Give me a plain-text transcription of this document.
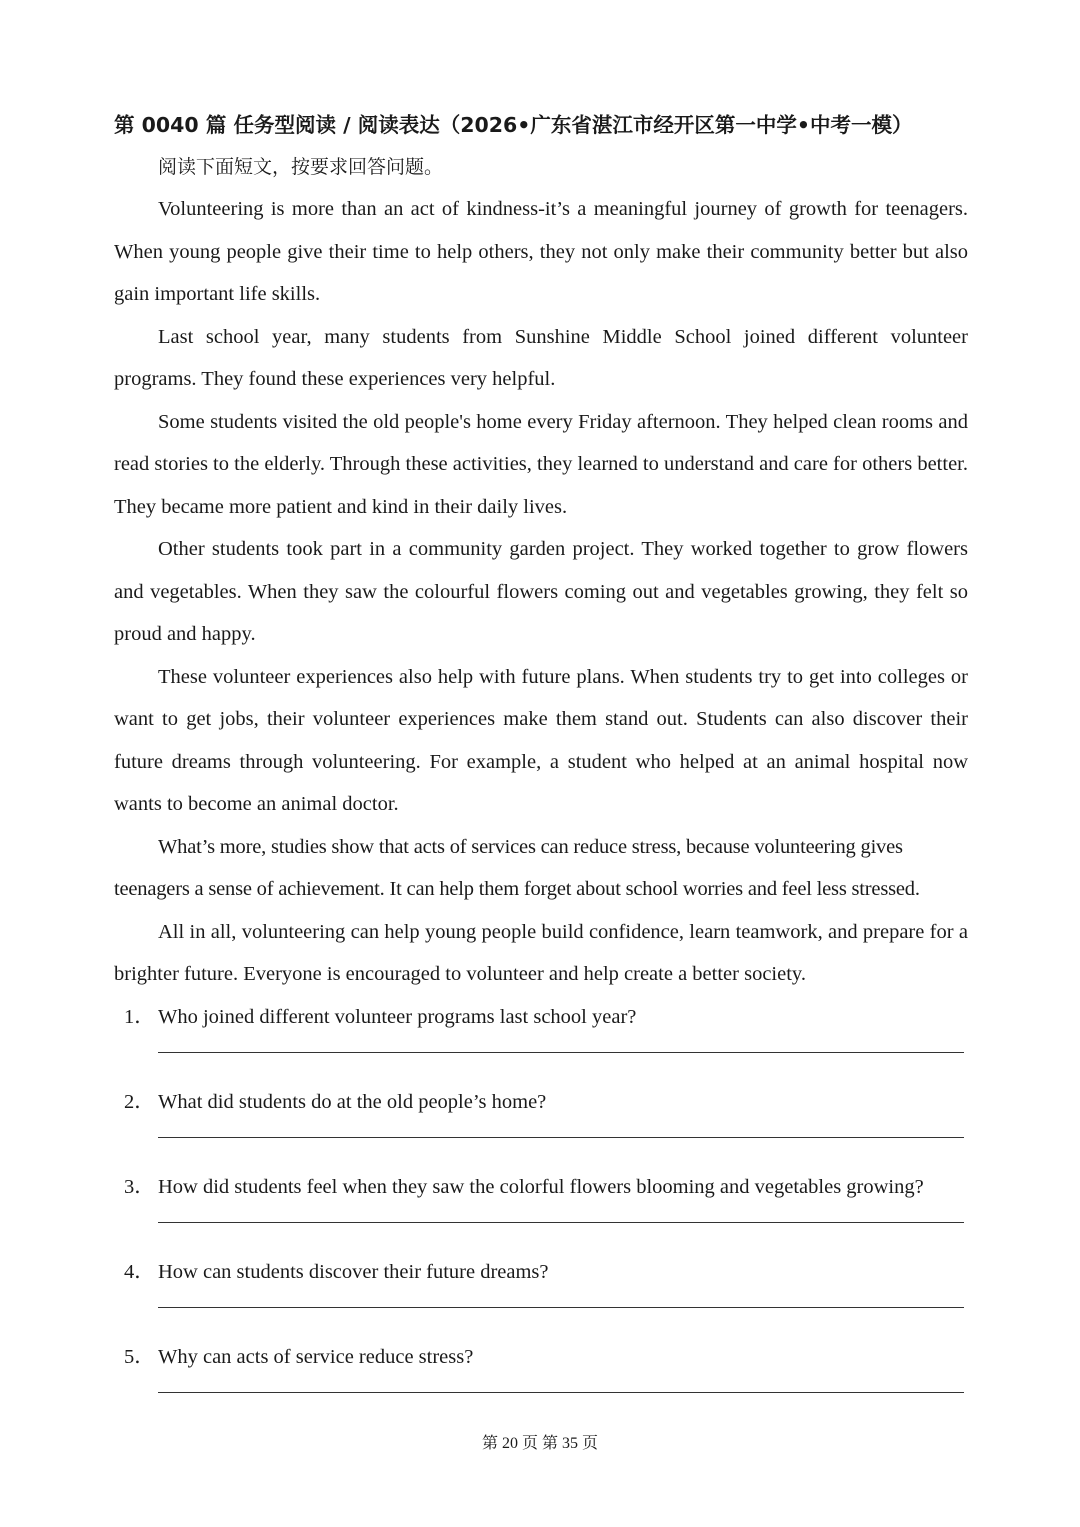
第 0040 篇 任务型阅读 / 阅读表达（2026•广东省湛江市经开区第一中学•中考一模）
阅读下面短文，按要求回答问题。

Volunteering is more than an act of kindness-it’s a meaningful journey of growth for teenagers. When young people give their time to help others, they not only make their community better but also gain important life skills.

Last school year, many students from Sunshine Middle School joined different volunteer programs. They found these experiences very helpful.

Some students visited the old people's home every Friday afternoon. They helped clean rooms and read stories to the elderly. Through these activities, they learned to understand and care for others better. They became more patient and kind in their daily lives.

Other students took part in a community garden project. They worked together to grow flowers and vegetables. When they saw the colourful flowers coming out and vegetables growing, they felt so proud and happy.

These volunteer experiences also help with future plans. When students try to get into colleges or want to get jobs, their volunteer experiences make them stand out. Students can also discover their future dreams through volunteering. For example, a student who helped at an animal hospital now wants to become an animal doctor.

What’s more, studies show that acts of services can reduce stress, because volunteering gives teenagers a sense of achievement. It can help them forget about school worries and feel less stressed.

All in all, volunteering can help young people build confidence, learn teamwork, and prepare for a brighter future. Everyone is encouraged to volunteer and help create a better society.

1． Who joined different volunteer programs last school year?
2． What did students do at the old people’s home?
3． How did students feel when they saw the colorful flowers blooming and vegetables growing?
4． How can students discover their future dreams?
5． Why can acts of service reduce stress?
第 20 页 第 35 页
